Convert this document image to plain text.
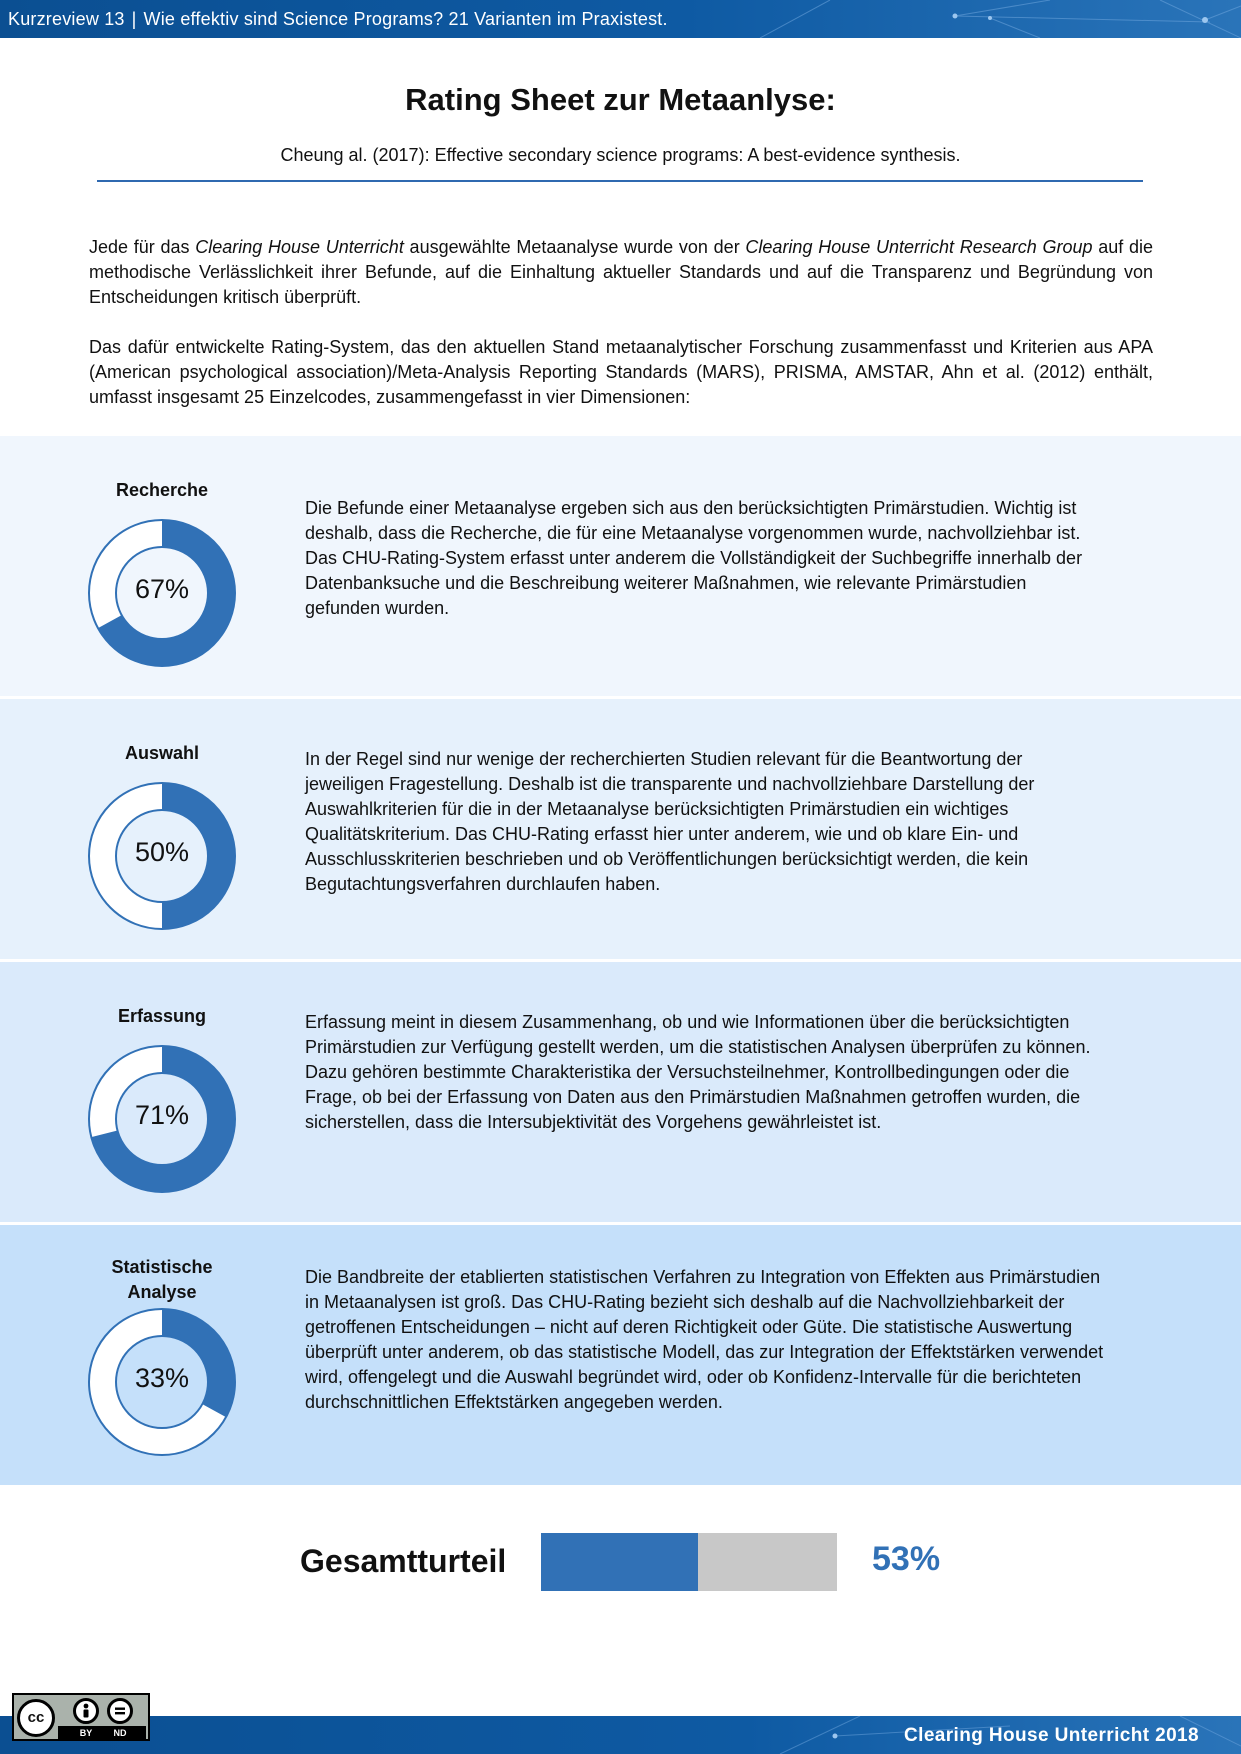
Kurzreview 13 | Wie effektiv sind Science Programs? 21 Varianten im Praxistest.
Rating Sheet zur Metaanlyse:
Cheung al. (2017): Effective secondary science programs: A best-evidence synthesis.

Jede für das Clearing House Unterricht ausgewählte Metaanalyse wurde von der Clearing House Unterricht Research Group auf die methodische Verlässlichkeit ihrer Befunde, auf die Einhaltung aktueller Standards und auf die Transparenz und Begründung von Entscheidungen kritisch überprüft.

Das dafür entwickelte Rating-System, das den aktuellen Stand metaanalytischer Forschung zusammenfasst und Kriterien aus APA (American psychological association)/Meta-Analysis Reporting Standards (MARS), PRISMA, AMSTAR, Ahn et al. (2012) enthält, umfasst insgesamt 25 Einzelcodes, zusammengefasst in vier Dimensionen:

Recherche
67%
Die Befunde einer Metaanalyse ergeben sich aus den berücksichtigten Primärstudien. Wichtig ist deshalb, dass die Recherche, die für eine Metaanalyse vorgenommen wurde, nachvollziehbar ist. Das CHU-Rating-System erfasst unter anderem die Vollständigkeit der Suchbegriffe innerhalb der Datenbanksuche und die Beschreibung weiterer Maßnahmen, wie relevante Primärstudien gefunden wurden.
Auswahl
50%
In der Regel sind nur wenige der recherchierten Studien relevant für die Beantwortung der jeweiligen Fragestellung. Deshalb ist die transparente und nachvollziehbare Darstellung der Auswahlkriterien für die in der Metaanalyse berücksichtigten Primärstudien ein wichtiges Qualitätskriterium. Das CHU-Rating erfasst hier unter anderem, wie und ob klare Ein- und Ausschlusskriterien beschrieben und ob Veröffentlichungen berücksichtigt werden, die kein Begutachtungsverfahren durchlaufen haben.
Erfassung
71%
Erfassung meint in diesem Zusammenhang, ob und wie Informationen über die berücksichtigten Primärstudien zur Verfügung gestellt werden, um die statistischen Analysen überprüfen zu können. Dazu gehören bestimmte Charakteristika der Versuchsteilnehmer, Kontrollbedingungen oder die Frage, ob bei der Erfassung von Daten aus den Primärstudien Maßnahmen getroffen wurden, die sicherstellen, dass die Intersubjektivität des Vorgehens gewährleistet ist.
Statistische Analyse
33%
Die Bandbreite der etablierten statistischen Verfahren zu Integration von Effekten aus Primärstudien in Metaanalysen ist groß. Das CHU-Rating bezieht sich deshalb auf die Nachvollziehbarkeit der getroffenen Entscheidungen – nicht auf deren Richtigkeit oder Güte. Die statistische Auswertung überprüft unter anderem, ob das statistische Modell, das zur Integration der Effektstärken verwendet wird, offengelegt und die Auswahl begründet wird, oder ob Konfidenz-Intervalle für die berichteten durchschnittlichen Effektstärken angegeben werden.
Gesamtturteil	53%
Clearing House Unterricht 2018
cc
BY	ND
